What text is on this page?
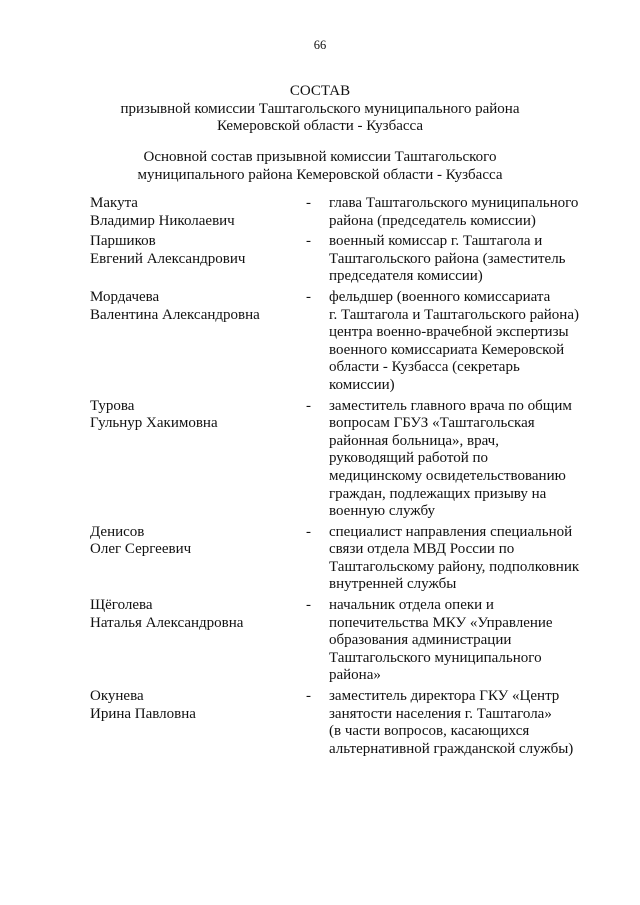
66
СОСТАВ
призывной комиссии Таштагольского муниципального района
Кемеровской области - Кузбасса
Основной состав призывной комиссии Таштагольского
муниципального района Кемеровской области - Кузбасса
Макута
Владимир Николаевич
-	глава Таштагольского муниципального
района (председатель комиссии)
Паршиков
Евгений Александрович
-	военный комиссар г. Таштагола и
Таштагольского района (заместитель
председателя комиссии)
Мордачева
Валентина Александровна
-	фельдшер (военного комиссариата
г. Таштагола и Таштагольского района)
центра военно-врачебной экспертизы
военного комиссариата Кемеровской
области - Кузбасса (секретарь
комиссии)
Турова
Гульнур Хакимовна
-	заместитель главного врача по общим
вопросам ГБУЗ «Таштагольская
районная больница», врач,
руководящий работой по
медицинскому освидетельствованию
граждан, подлежащих призыву на
военную службу
Денисов
Олег Сергеевич
-	специалист направления специальной
связи отдела МВД России по
Таштагольскому району, подполковник
внутренней службы
Щёголева
Наталья Александровна
-	начальник отдела опеки и
попечительства МКУ «Управление
образования администрации
Таштагольского муниципального
района»
Окунева
Ирина Павловна
-	заместитель директора ГКУ «Центр
занятости населения г. Таштагола»
(в части вопросов, касающихся
альтернативной гражданской службы)
